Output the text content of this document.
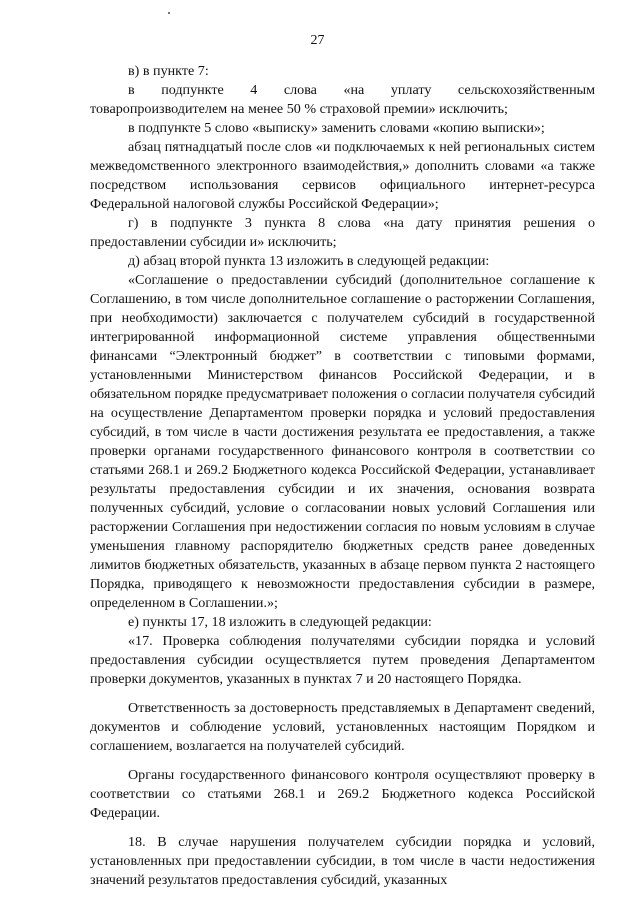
27

в) в пункте 7:

в подпункте 4 слова «на уплату сельскохозяйственным товаропроизводителем на менее 50 % страховой премии» исключить;

в подпункте 5 слово «выписку» заменить словами «копию выписки»;

абзац пятнадцатый после слов «и подключаемых к ней региональных систем межведомственного электронного взаимодействия,» дополнить словами «а также посредством использования сервисов официального интернет-ресурса Федеральной налоговой службы Российской Федерации»;

г) в подпункте 3 пункта 8 слова «на дату принятия решения о предоставлении субсидии и» исключить;

д) абзац второй пункта 13 изложить в следующей редакции:

«Соглашение о предоставлении субсидий (дополнительное соглашение к Соглашению, в том числе дополнительное соглашение о расторжении Соглашения, при необходимости) заключается с получателем субсидий в государственной интегрированной информационной системе управления общественными финансами “Электронный бюджет” в соответствии с типовыми формами, установленными Министерством финансов Российской Федерации, и в обязательном порядке предусматривает положения о согласии получателя субсидий на осуществление Департаментом проверки порядка и условий предоставления субсидий, в том числе в части достижения результата ее предоставления, а также проверки органами государственного финансового контроля в соответствии со статьями 268.1 и 269.2 Бюджетного кодекса Российской Федерации, устанавливает результаты предоставления субсидии и их значения, основания возврата полученных субсидий, условие о согласовании новых условий Соглашения или расторжении Соглашения при недостижении согласия по новым условиям в случае уменьшения главному распорядителю бюджетных средств ранее доведенных лимитов бюджетных обязательств, указанных в абзаце первом пункта 2 настоящего Порядка, приводящего к невозможности предоставления субсидии в размере, определенном в Соглашении.»;

е) пункты 17, 18 изложить в следующей редакции:

«17. Проверка соблюдения получателями субсидии порядка и условий предоставления субсидии осуществляется путем проведения Департаментом проверки документов, указанных в пунктах 7 и 20 настоящего Порядка.

Ответственность за достоверность представляемых в Департамент сведений, документов и соблюдение условий, установленных настоящим Порядком и соглашением, возлагается на получателей субсидий.

Органы государственного финансового контроля осуществляют проверку в соответствии со статьями 268.1 и 269.2 Бюджетного кодекса Российской Федерации.

18. В случае нарушения получателем субсидии порядка и условий, установленных при предоставлении субсидии, в том числе в части недостижения значений результатов предоставления субсидий, указанных
